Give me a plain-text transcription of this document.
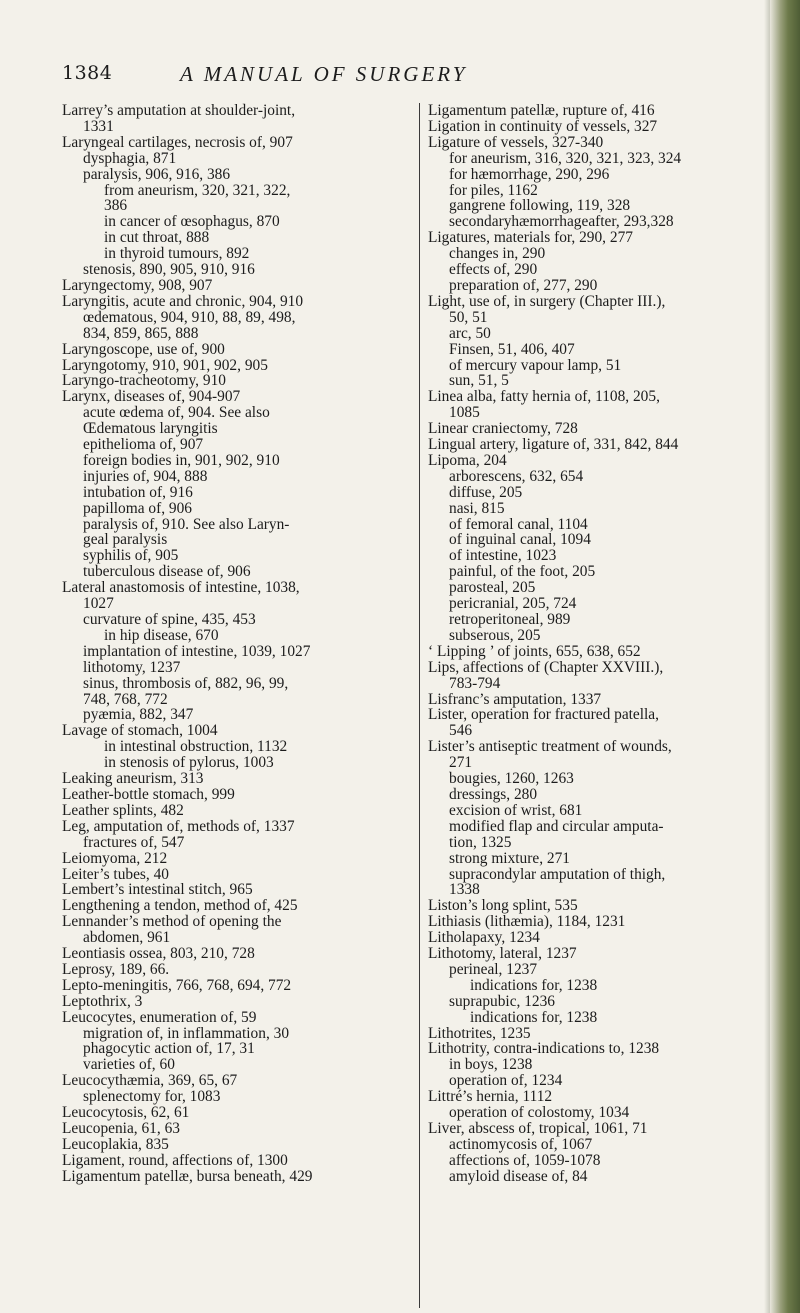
1384	A MANUAL OF SURGERY
Larrey’s amputation at shoulder-joint,
1331
Laryngeal cartilages, necrosis of, 907
dysphagia, 871
paralysis, 906, 916, 386
from aneurism, 320, 321, 322,
386
in cancer of œsophagus, 870
in cut throat, 888
in thyroid tumours, 892
stenosis, 890, 905, 910, 916
Laryngectomy, 908, 907
Laryngitis, acute and chronic, 904, 910
œdematous, 904, 910, 88, 89, 498,
834, 859, 865, 888
Laryngoscope, use of, 900
Laryngotomy, 910, 901, 902, 905
Laryngo-tracheotomy, 910
Larynx, diseases of, 904-907
acute œdema of, 904. See also
Œdematous laryngitis
epithelioma of, 907
foreign bodies in, 901, 902, 910
injuries of, 904, 888
intubation of, 916
papilloma of, 906
paralysis of, 910. See also Laryn-
geal paralysis
syphilis of, 905
tuberculous disease of, 906
Lateral anastomosis of intestine, 1038,
1027
curvature of spine, 435, 453
in hip disease, 670
implantation of intestine, 1039, 1027
lithotomy, 1237
sinus, thrombosis of, 882, 96, 99,
748, 768, 772
pyæmia, 882, 347
Lavage of stomach, 1004
in intestinal obstruction, 1132
in stenosis of pylorus, 1003
Leaking aneurism, 313
Leather-bottle stomach, 999
Leather splints, 482
Leg, amputation of, methods of, 1337
fractures of, 547
Leiomyoma, 212
Leiter’s tubes, 40
Lembert’s intestinal stitch, 965
Lengthening a tendon, method of, 425
Lennander’s method of opening the
abdomen, 961
Leontiasis ossea, 803, 210, 728
Leprosy, 189, 66.
Lepto-meningitis, 766, 768, 694, 772
Leptothrix, 3
Leucocytes, enumeration of, 59
migration of, in inflammation, 30
phagocytic action of, 17, 31
varieties of, 60
Leucocythæmia, 369, 65, 67
splenectomy for, 1083
Leucocytosis, 62, 61
Leucopenia, 61, 63
Leucoplakia, 835
Ligament, round, affections of, 1300
Ligamentum patellæ, bursa beneath, 429
Ligamentum patellæ, rupture of, 416
Ligation in continuity of vessels, 327
Ligature of vessels, 327-340
for aneurism, 316, 320, 321, 323, 324
for hæmorrhage, 290, 296
for piles, 1162
gangrene following, 119, 328
secondaryhæmorrhageafter, 293,328
Ligatures, materials for, 290, 277
changes in, 290
effects of, 290
preparation of, 277, 290
Light, use of, in surgery (Chapter III.),
50, 51
arc, 50
Finsen, 51, 406, 407
of mercury vapour lamp, 51
sun, 51, 5
Linea alba, fatty hernia of, 1108, 205,
1085
Linear craniectomy, 728
Lingual artery, ligature of, 331, 842, 844
Lipoma, 204
arborescens, 632, 654
diffuse, 205
nasi, 815
of femoral canal, 1104
of inguinal canal, 1094
of intestine, 1023
painful, of the foot, 205
parosteal, 205
pericranial, 205, 724
retroperitoneal, 989
subserous, 205
‘ Lipping ’ of joints, 655, 638, 652
Lips, affections of (Chapter XXVIII.),
783-794
Lisfranc’s amputation, 1337
Lister, operation for fractured patella,
546
Lister’s antiseptic treatment of wounds,
271
bougies, 1260, 1263
dressings, 280
excision of wrist, 681
modified flap and circular amputa-
tion, 1325
strong mixture, 271
supracondylar amputation of thigh,
1338
Liston’s long splint, 535
Lithiasis (lithæmia), 1184, 1231
Litholapaxy, 1234
Lithotomy, lateral, 1237
perineal, 1237
indications for, 1238
suprapubic, 1236
indications for, 1238
Lithotrites, 1235
Lithotrity, contra-indications to, 1238
in boys, 1238
operation of, 1234
Littré’s hernia, 1112
operation of colostomy, 1034
Liver, abscess of, tropical, 1061, 71
actinomycosis of, 1067
affections of, 1059-1078
amyloid disease of, 84
